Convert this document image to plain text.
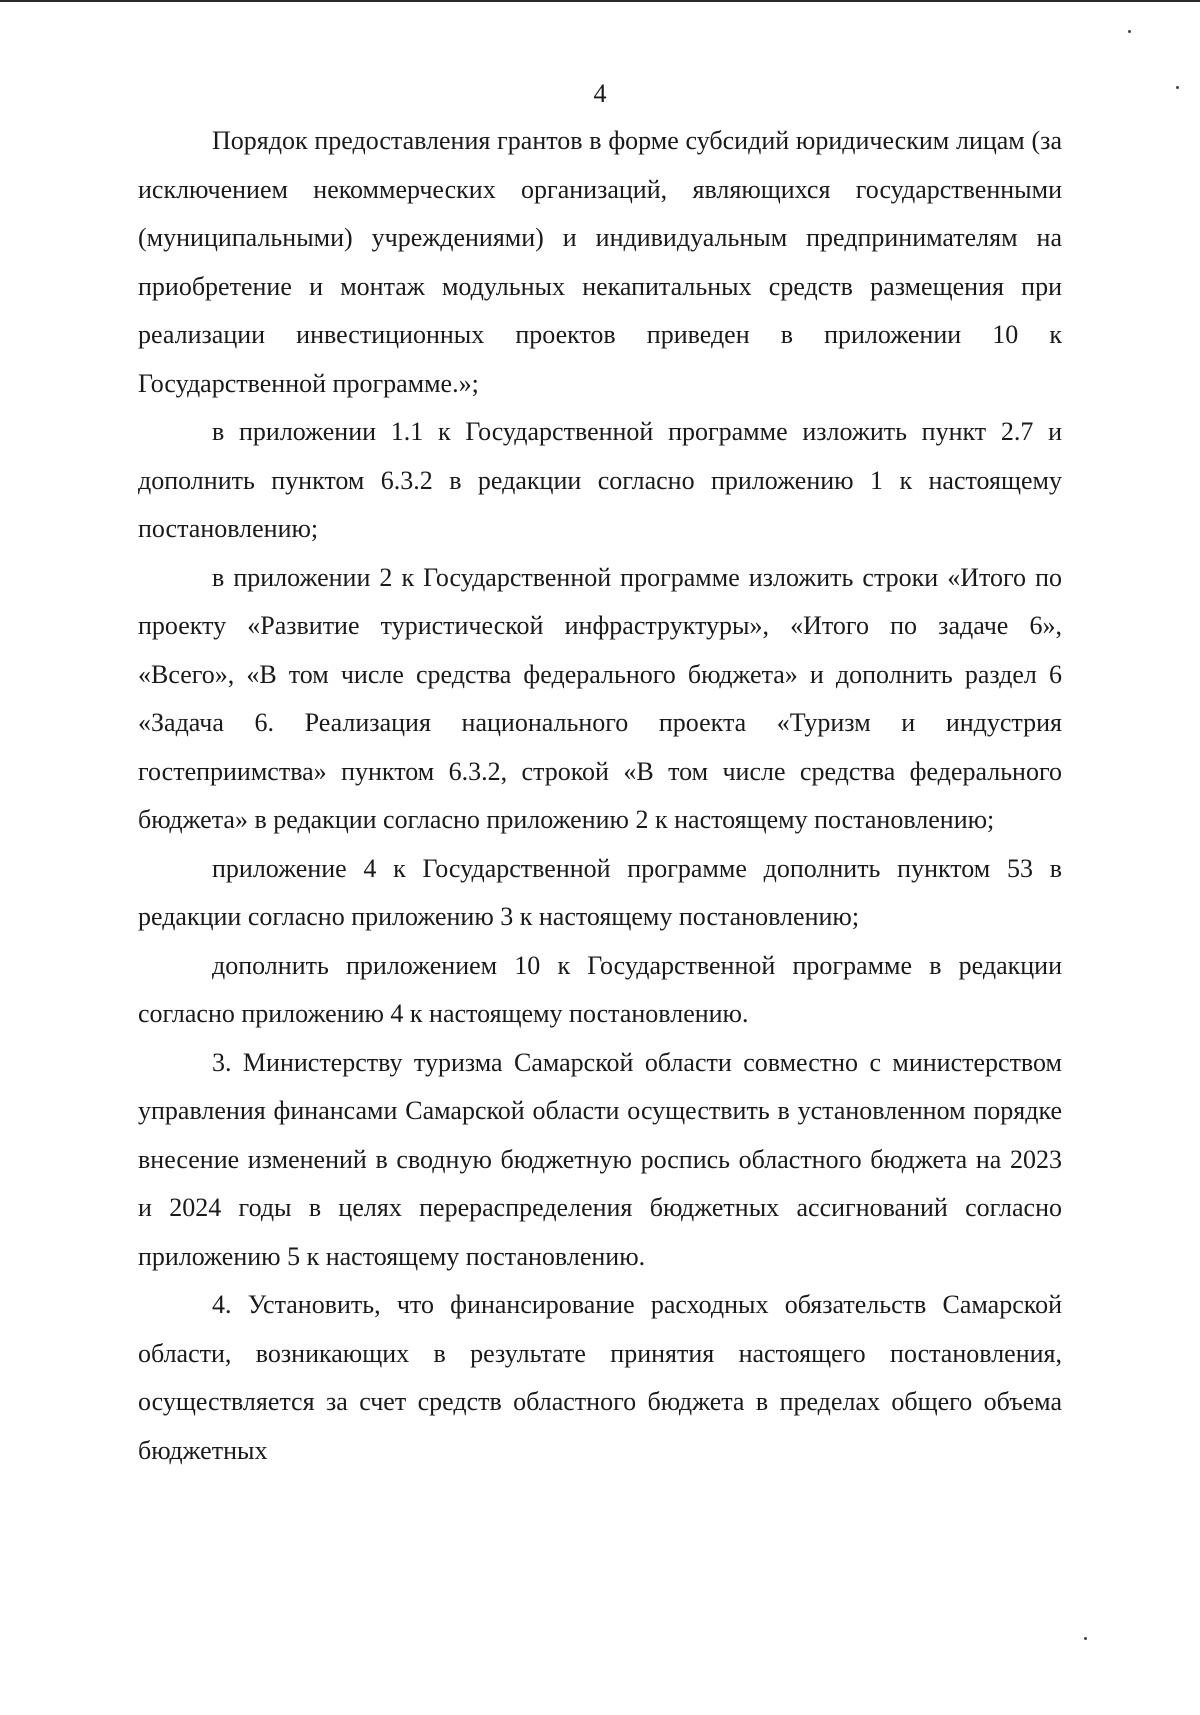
4

Порядок предоставления грантов в форме субсидий юридическим лицам (за исключением некоммерческих организаций, являющихся государственными (муниципальными) учреждениями) и индивидуальным предпринимателям на приобретение и монтаж модульных некапитальных средств размещения при реализации инвестиционных проектов приведен в приложении 10 к Государственной программе.»;

в приложении 1.1 к Государственной программе изложить пункт 2.7 и дополнить пунктом 6.3.2 в редакции согласно приложению 1 к настоящему постановлению;

в приложении 2 к Государственной программе изложить строки «Итого по проекту «Развитие туристической инфраструктуры», «Итого по задаче 6», «Всего», «В том числе средства федерального бюджета» и дополнить раздел 6 «Задача 6. Реализация национального проекта «Туризм и индустрия гостеприимства» пунктом 6.3.2, строкой «В том числе средства федерального бюджета» в редакции согласно приложению 2 к настоящему постановлению;

приложение 4 к Государственной программе дополнить пунктом 53 в редакции согласно приложению 3 к настоящему постановлению;

дополнить приложением 10 к Государственной программе в редакции согласно приложению 4 к настоящему постановлению.

3. Министерству туризма Самарской области совместно с министерством управления финансами Самарской области осуществить в установленном порядке внесение изменений в сводную бюджетную роспись областного бюджета на 2023 и 2024 годы в целях перераспределения бюджетных ассигнований согласно приложению 5 к настоящему постановлению.

4. Установить, что финансирование расходных обязательств Самарской области, возникающих в результате принятия настоящего постановления, осуществляется за счет средств областного бюджета в пределах общего объема бюджетных
